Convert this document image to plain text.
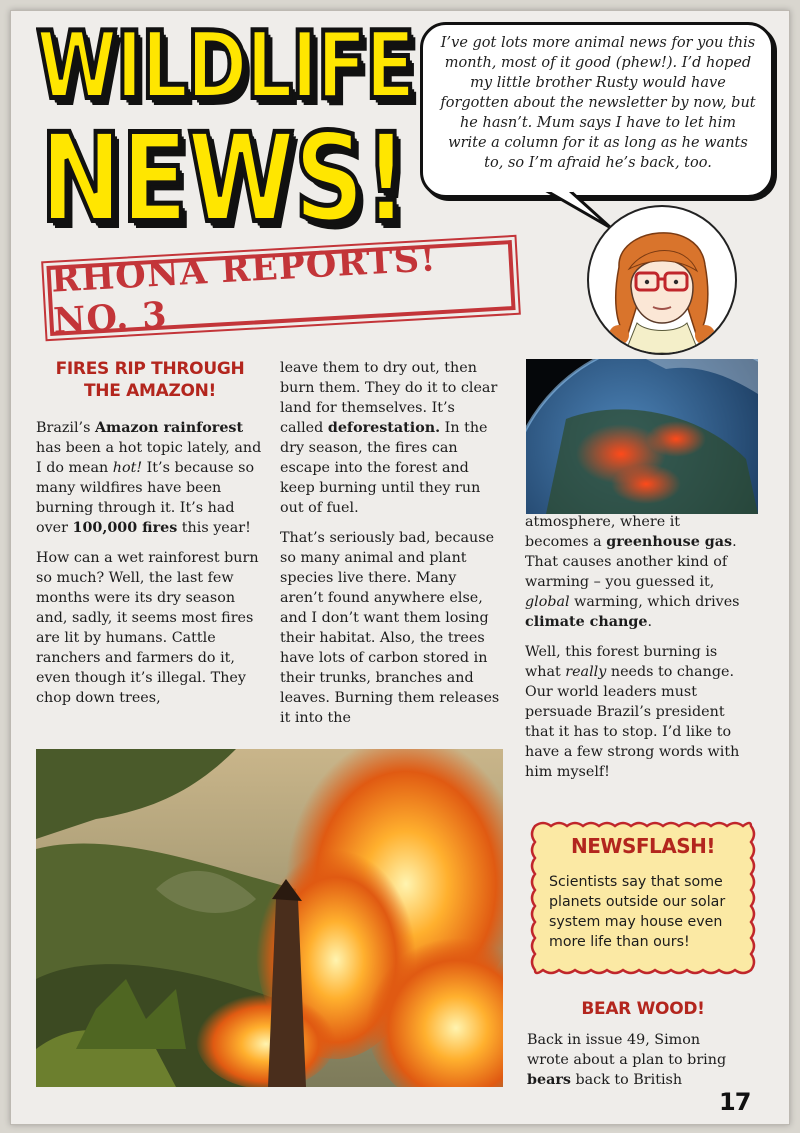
WILDLIFE
NEWS!
I’ve got lots more animal news for you this month, most of it good (phew!). I’d hoped my little brother Rusty would have forgotten about the newsletter by now, but he hasn’t. Mum says I have to let him write a column for it as long as he wants to, so I’m afraid he’s back, too.
RHONA REPORTS! NO. 3
FIRES RIP THROUGH THE AMAZON!

Brazil’s Amazon rainforest has been a hot topic lately, and I do mean hot! It’s because so many wildfires have been burning through it. It’s had over 100,000 fires this year!

How can a wet rainforest burn so much? Well, the last few months were its dry season and, sadly, it seems most fires are lit by humans. Cattle ranchers and farmers do it, even though it’s illegal. They chop down trees,

leave them to dry out, then burn them. They do it to clear land for themselves. It’s called deforestation. In the dry season, the fires can escape into the forest and keep burning until they run out of fuel.

That’s seriously bad, because so many animal and plant species live there. Many aren’t found anywhere else, and I don’t want them losing their habitat. Also, the trees have lots of carbon stored in their trunks, branches and leaves. Burning them releases it into the

atmosphere, where it becomes a greenhouse gas. That causes another kind of warming – you guessed it, global warming, which drives climate change.

Well, this forest burning is what really needs to change. Our world leaders must persuade Brazil’s president that it has to stop. I’d like to have a few strong words with him myself!

NEWSFLASH!
Scientists say that some planets outside our solar system may house even more life than ours!
BEAR WOOD!

Back in issue 49, Simon wrote about a plan to bring bears back to British

17
